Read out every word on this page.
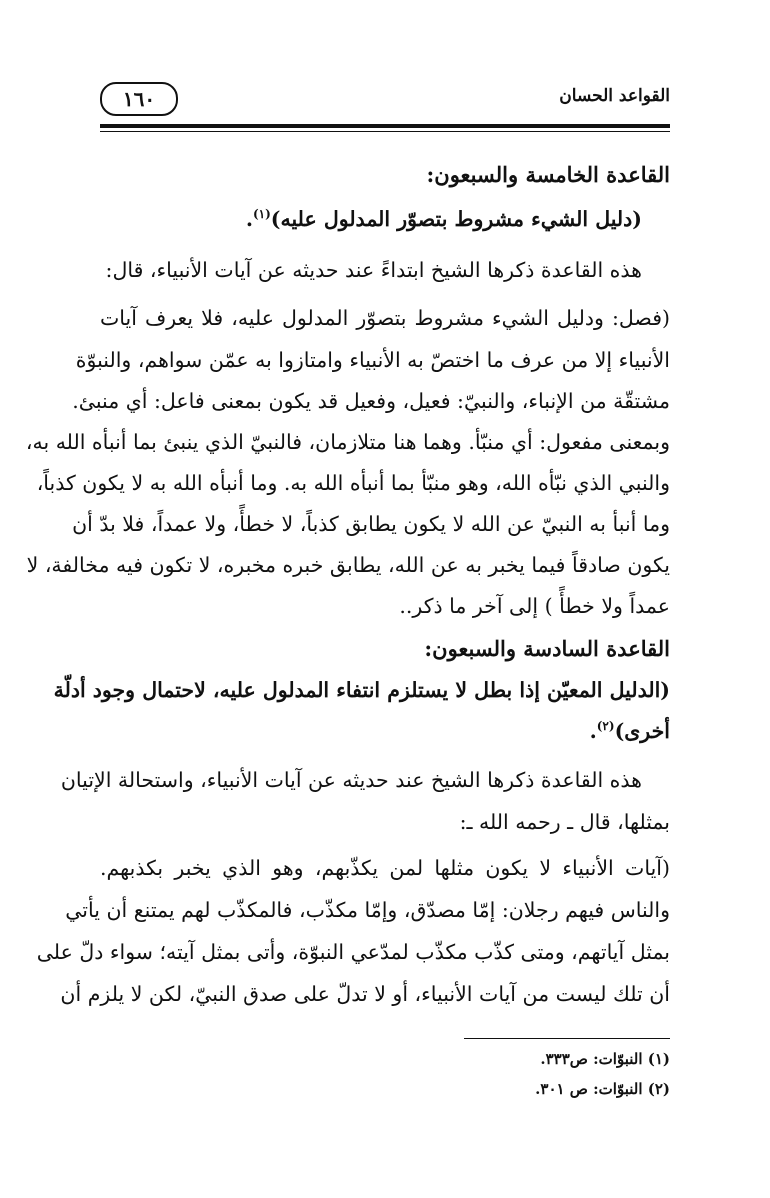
القواعد الحسان
١٦٠
القاعدة الخامسة والسبعون:
(دليل الشيء مشروط بتصوّر المدلول عليه)$^{(١)}$.
هذه القاعدة ذكرها الشيخ ابتداءً عند حديثه عن آيات الأنبياء، قال:
(فصل: ودليل الشيء مشروط بتصوّر المدلول عليه، فلا يعرف آيات
الأنبياء إلا من عرف ما اختصّ به الأنبياء وامتازوا به عمّن سواهم، والنبوّة
مشتقّة من الإنباء، والنبيّ: فعيل، وفعيل قد يكون بمعنى فاعل: أي منبئ.
وبمعنى مفعول: أي منبّأ. وهما هنا متلازمان، فالنبيّ الذي ينبئ بما أنبأه الله به،
والنبي الذي نبّأه الله، وهو منبّأ بما أنبأه الله به. وما أنبأه الله به لا يكون كذباً،
وما أنبأ به النبيّ عن الله لا يكون يطابق كذباً، لا خطأً، ولا عمداً، فلا بدّ أن
يكون صادقاً فيما يخبر به عن الله، يطابق خبره مخبره، لا تكون فيه مخالفة، لا
عمداً ولا خطأً ) إلى آخر ما ذكر..
القاعدة السادسة والسبعون:
(الدليل المعيّن إذا بطل لا يستلزم انتفاء المدلول عليه، لاحتمال وجود أدلّة
أخرى)$^{(٢)}$.
هذه القاعدة ذكرها الشيخ عند حديثه عن آيات الأنبياء، واستحالة الإتيان
بمثلها، قال ـ رحمه الله ـ:
(آيات الأنبياء لا يكون مثلها لمن يكذّبهم، وهو الذي يخبر بكذبهم.
والناس فيهم رجلان: إمّا مصدّق، وإمّا مكذّب، فالمكذّب لهم يمتنع أن يأتي
بمثل آياتهم، ومتى كذّب مكذّب لمدّعي النبوّة، وأتى بمثل آيته؛ سواء دلّ على
أن تلك ليست من آيات الأنبياء، أو لا تدلّ على صدق النبيّ، لكن لا يلزم أن
(١) النبوّات: ص٣٣٣.
(٢) النبوّات: ص ٣٠١.
